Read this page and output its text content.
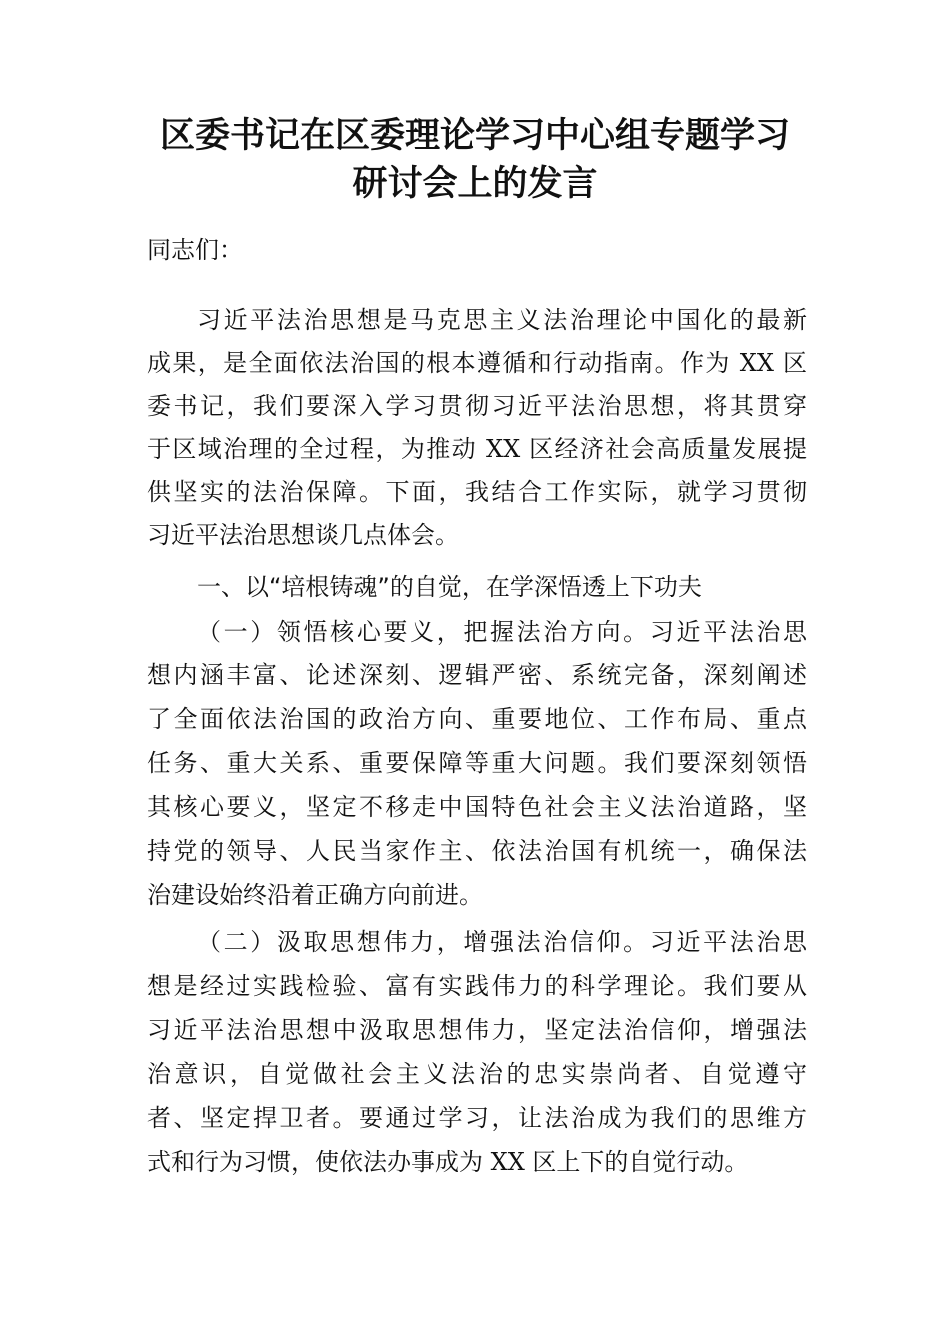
区委书记在区委理论学习中心组专题学习
研讨会上的发言
同志们：
习近平法治思想是马克思主义法治理论中国化的最新
成果，是全面依法治国的根本遵循和行动指南。作为 XX 区
委书记，我们要深入学习贯彻习近平法治思想，将其贯穿
于区域治理的全过程，为推动 XX 区经济社会高质量发展提
供坚实的法治保障。下面，我结合工作实际，就学习贯彻
习近平法治思想谈几点体会。
一、以“培根铸魂”的自觉，在学深悟透上下功夫
（一）领悟核心要义，把握法治方向。习近平法治思
想内涵丰富、论述深刻、逻辑严密、系统完备，深刻阐述
了全面依法治国的政治方向、重要地位、工作布局、重点
任务、重大关系、重要保障等重大问题。我们要深刻领悟
其核心要义，坚定不移走中国特色社会主义法治道路，坚
持党的领导、人民当家作主、依法治国有机统一，确保法
治建设始终沿着正确方向前进。
（二）汲取思想伟力，增强法治信仰。习近平法治思
想是经过实践检验、富有实践伟力的科学理论。我们要从
习近平法治思想中汲取思想伟力，坚定法治信仰，增强法
治意识，自觉做社会主义法治的忠实崇尚者、自觉遵守
者、坚定捍卫者。要通过学习，让法治成为我们的思维方
式和行为习惯，使依法办事成为 XX 区上下的自觉行动。
